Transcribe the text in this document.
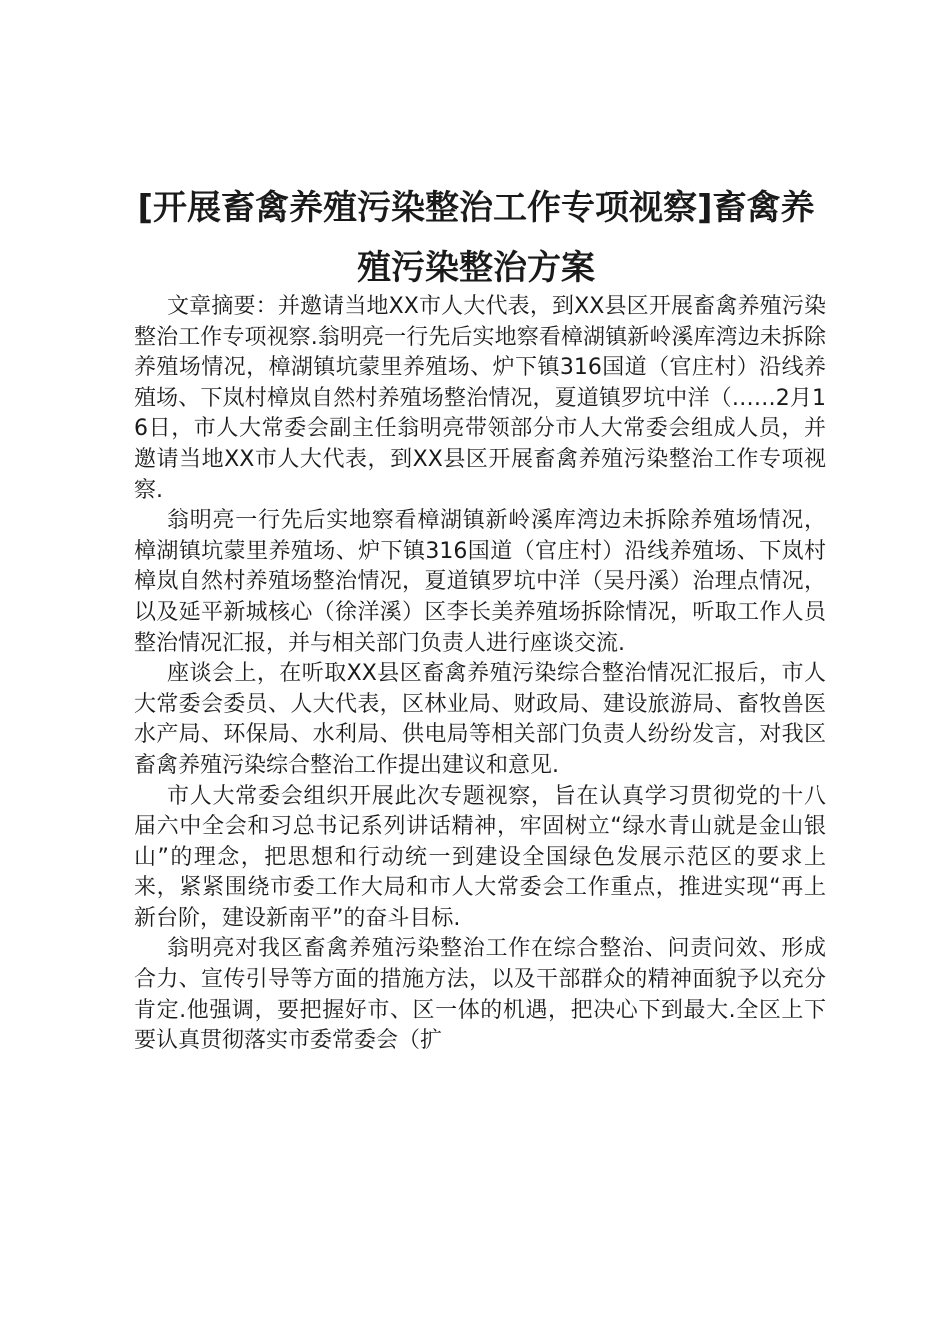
[开展畜禽养殖污染整治工作专项视察]畜禽养殖污染整治方案

文章摘要：并邀请当地XX市人大代表，到XX县区开展畜禽养殖污染整治工作专项视察.翁明亮一行先后实地察看樟湖镇新岭溪库湾边未拆除养殖场情况，樟湖镇坑蒙里养殖场、炉下镇316国道（官庄村）沿线养殖场、下岚村樟岚自然村养殖场整治情况，夏道镇罗坑中洋（……2月16日，市人大常委会副主任翁明亮带领部分市人大常委会组成人员，并邀请当地XX市人大代表，到XX县区开展畜禽养殖污染整治工作专项视察.

翁明亮一行先后实地察看樟湖镇新岭溪库湾边未拆除养殖场情况，樟湖镇坑蒙里养殖场、炉下镇316国道（官庄村）沿线养殖场、下岚村樟岚自然村养殖场整治情况，夏道镇罗坑中洋（吴丹溪）治理点情况，以及延平新城核心（徐洋溪）区李长美养殖场拆除情况，听取工作人员整治情况汇报，并与相关部门负责人进行座谈交流.

座谈会上，在听取XX县区畜禽养殖污染综合整治情况汇报后，市人大常委会委员、人大代表，区林业局、财政局、建设旅游局、畜牧兽医水产局、环保局、水利局、供电局等相关部门负责人纷纷发言，对我区畜禽养殖污染综合整治工作提出建议和意见.

市人大常委会组织开展此次专题视察，旨在认真学习贯彻党的十八届六中全会和习总书记系列讲话精神，牢固树立“绿水青山就是金山银山”的理念，把思想和行动统一到建设全国绿色发展示范区的要求上来，紧紧围绕市委工作大局和市人大常委会工作重点，推进实现“再上新台阶，建设新南平”的奋斗目标.

翁明亮对我区畜禽养殖污染整治工作在综合整治、问责问效、形成合力、宣传引导等方面的措施方法，以及干部群众的精神面貌予以充分肯定.他强调，要把握好市、区一体的机遇，把决心下到最大.全区上下要认真贯彻落实市委常委会（扩
